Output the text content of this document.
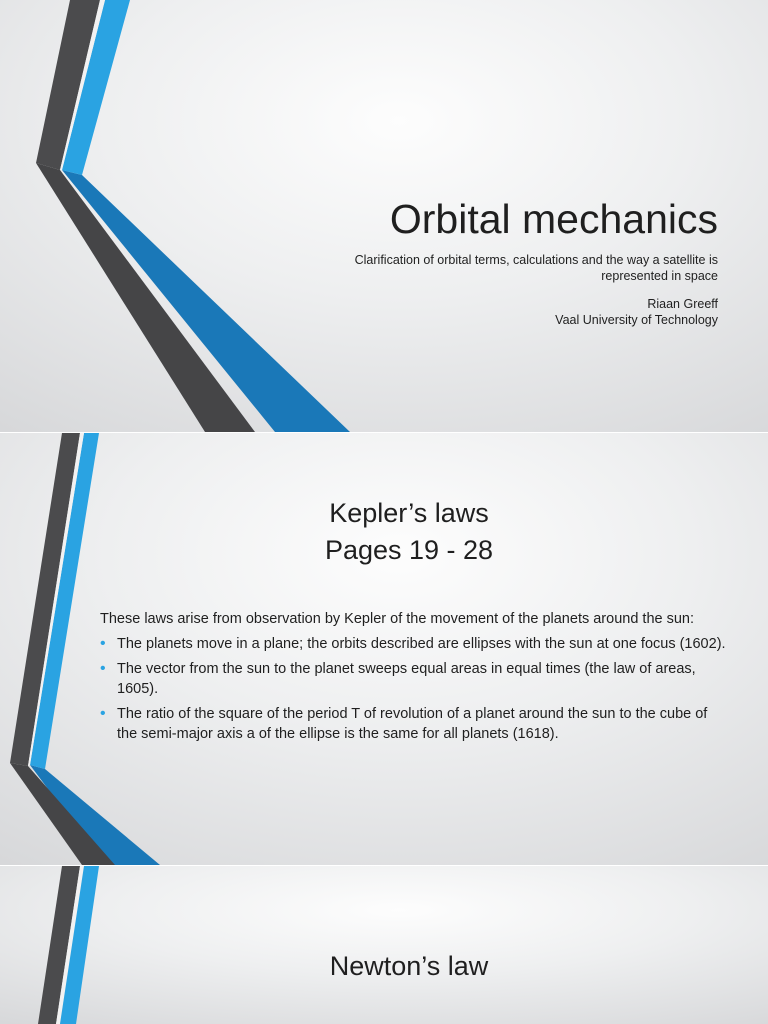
Orbital mechanics
Clarification of orbital terms, calculations and the way a satellite is represented in space
Riaan Greeff
Vaal University of Technology
Kepler’s laws
Pages 19 - 28

These laws arise from observation by Kepler of the movement of the planets around the sun:

• The planets move in a plane; the orbits described are ellipses with the sun at one focus (1602).
• The vector from the sun to the planet sweeps equal areas in equal times (the law of areas, 1605).
• The ratio of the square of the period T of revolution of a planet around the sun to the cube of the semi-major axis a of the ellipse is the same for all planets (1618).
Newton’s law
